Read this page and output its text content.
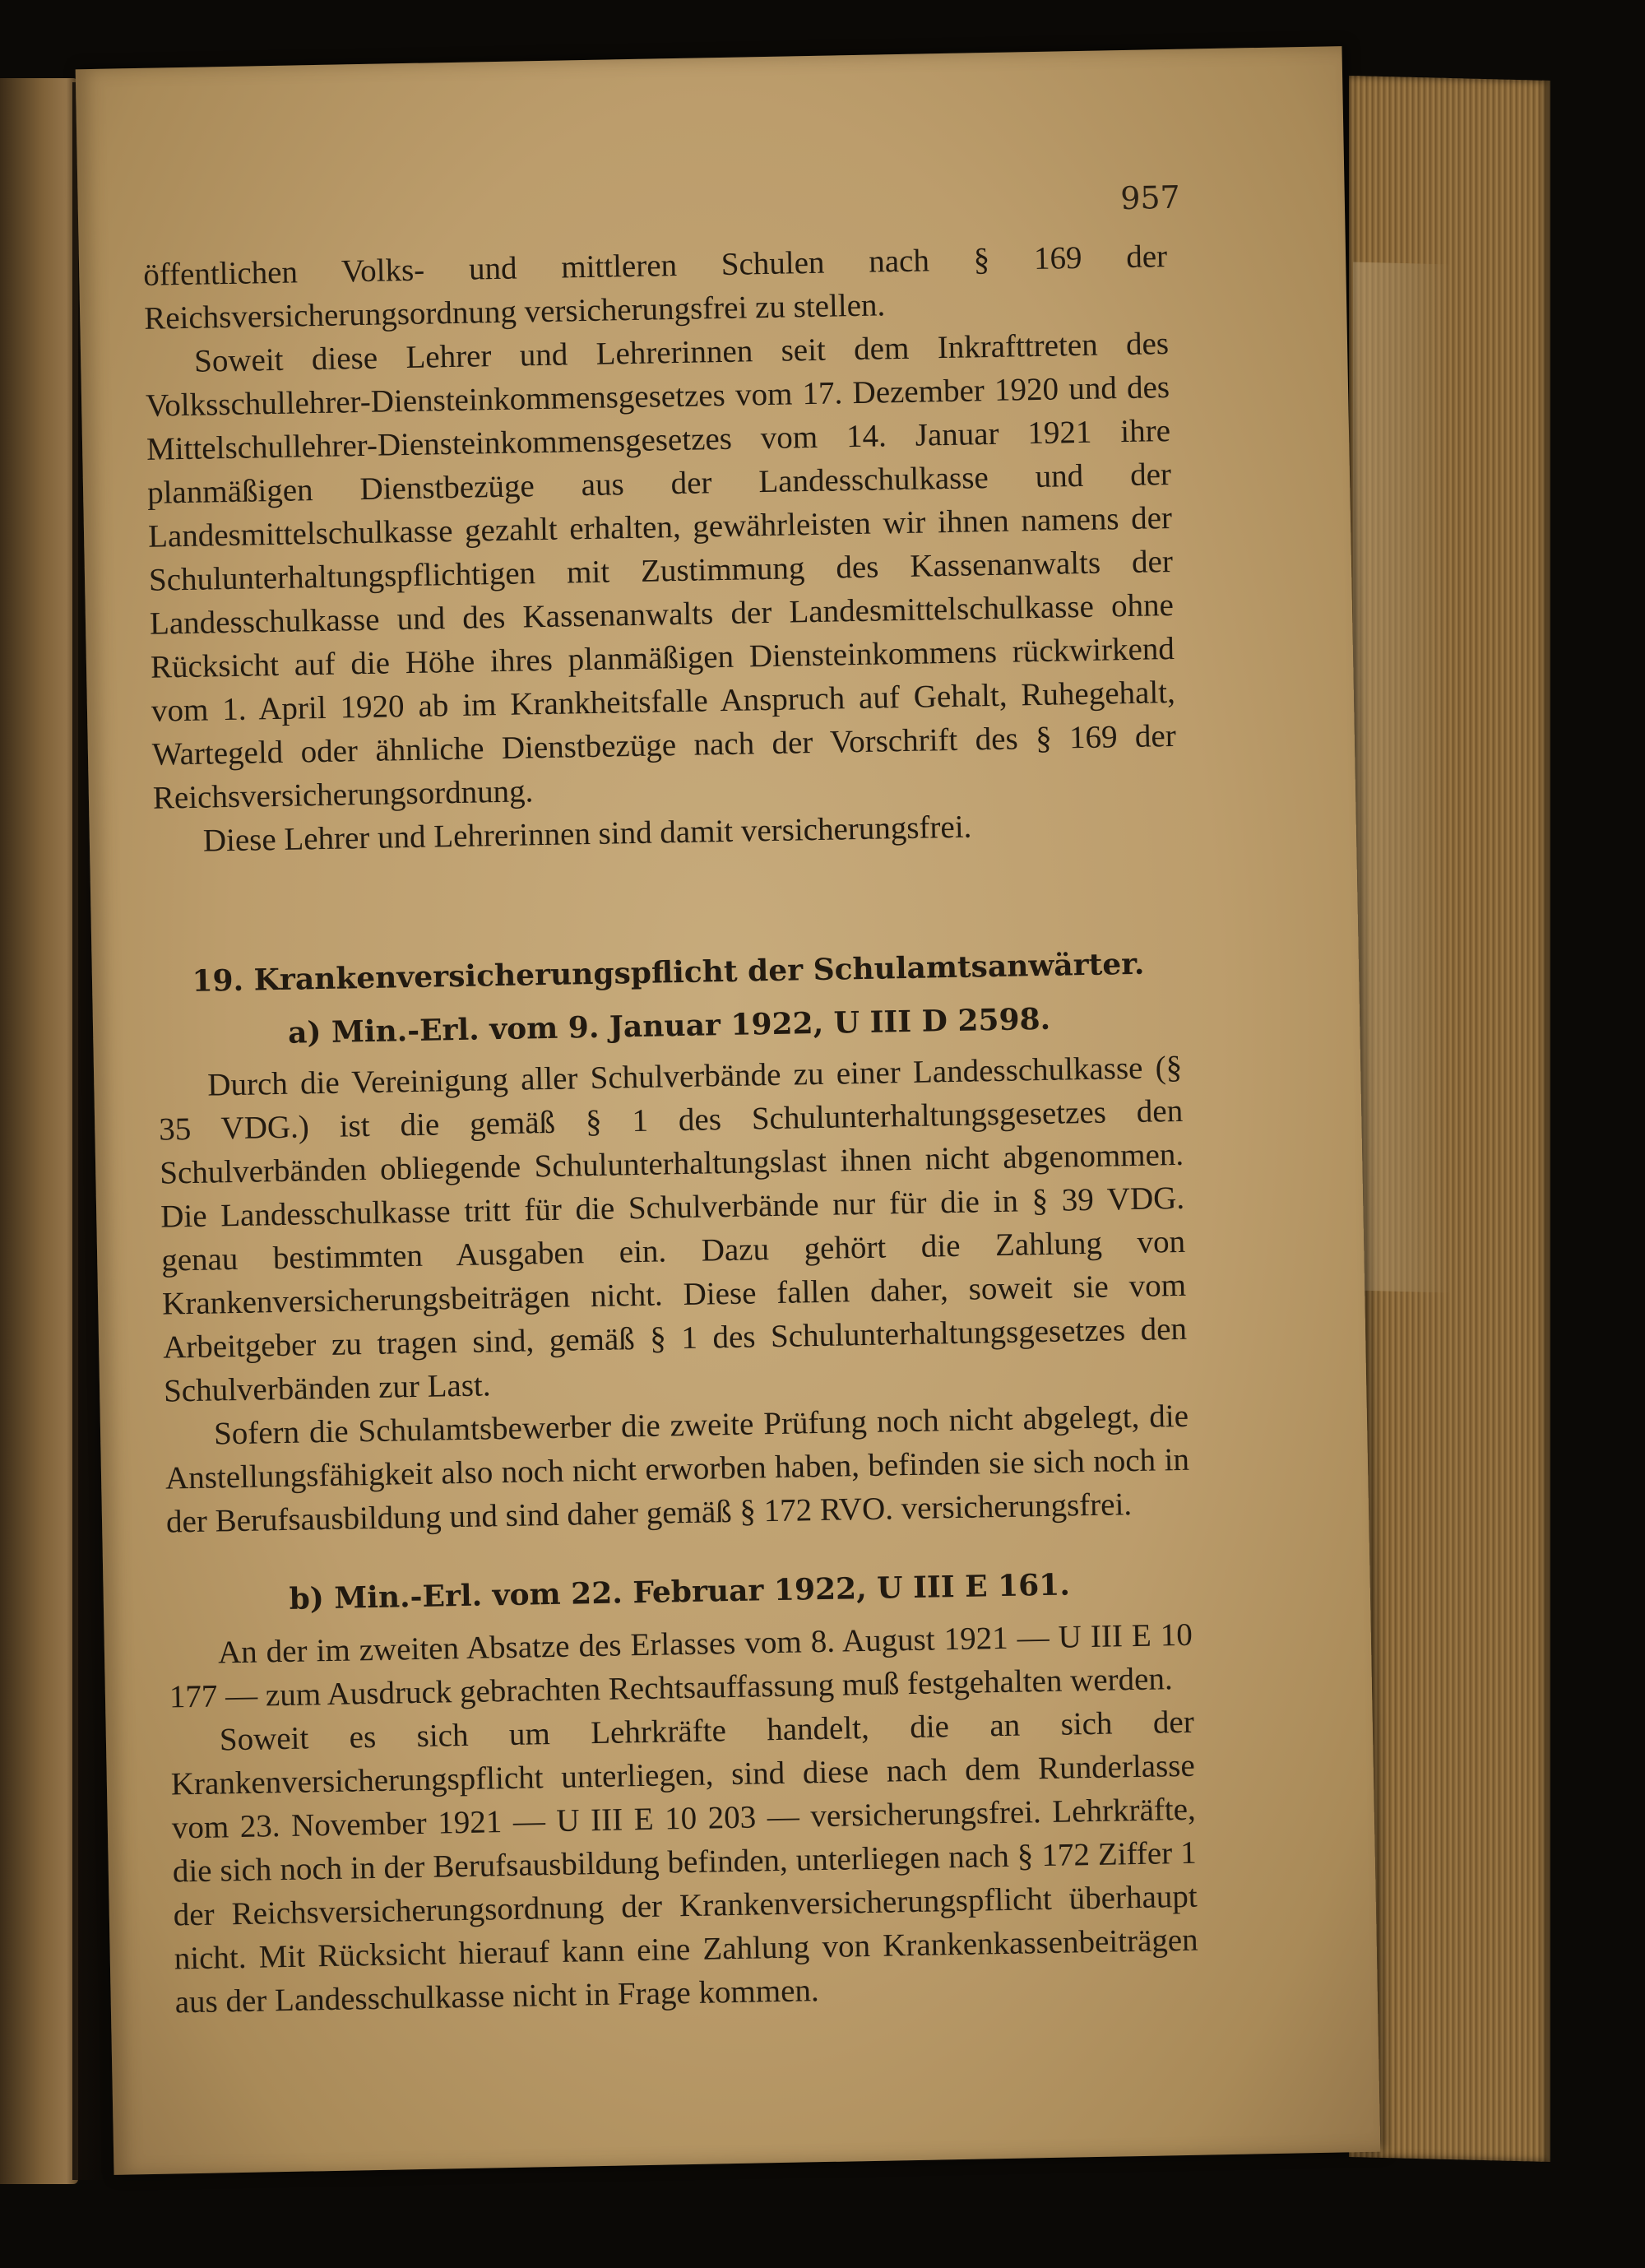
957

öffentlichen Volks- und mittleren Schulen nach § 169 der Reichsversicherungsordnung versicherungsfrei zu stellen.

Soweit diese Lehrer und Lehrerinnen seit dem Inkrafttreten des Volksschullehrer-Diensteinkommensgesetzes vom 17. Dezember 1920 und des Mittelschullehrer-Diensteinkommensgesetzes vom 14. Januar 1921 ihre planmäßigen Dienstbezüge aus der Landesschulkasse und der Landesmittelschulkasse gezahlt erhalten, gewährleisten wir ihnen namens der Schulunterhaltungspflichtigen mit Zustimmung des Kassenanwalts der Landesschulkasse und des Kassenanwalts der Landesmittelschulkasse ohne Rücksicht auf die Höhe ihres planmäßigen Diensteinkommens rückwirkend vom 1. April 1920 ab im Krankheitsfalle Anspruch auf Gehalt, Ruhegehalt, Wartegeld oder ähnliche Dienstbezüge nach der Vorschrift des § 169 der Reichsversicherungsordnung.

Diese Lehrer und Lehrerinnen sind damit versicherungsfrei.

19. Krankenversicherungspflicht der Schulamtsanwärter.
a) Min.-Erl. vom 9. Januar 1922, U III D 2598.

Durch die Vereinigung aller Schulverbände zu einer Landesschulkasse (§ 35 VDG.) ist die gemäß § 1 des Schulunterhaltungsgesetzes den Schulverbänden obliegende Schulunterhaltungslast ihnen nicht abgenommen. Die Landesschulkasse tritt für die Schulverbände nur für die in § 39 VDG. genau bestimmten Ausgaben ein. Dazu gehört die Zahlung von Krankenversicherungsbeiträgen nicht. Diese fallen daher, soweit sie vom Arbeitgeber zu tragen sind, gemäß § 1 des Schulunterhaltungsgesetzes den Schulverbänden zur Last.

Sofern die Schulamtsbewerber die zweite Prüfung noch nicht abgelegt, die Anstellungsfähigkeit also noch nicht erworben haben, befinden sie sich noch in der Berufsausbildung und sind daher gemäß § 172 RVO. versicherungsfrei.

b) Min.-Erl. vom 22. Februar 1922, U III E 161.

An der im zweiten Absatze des Erlasses vom 8. August 1921 — U III E 10 177 — zum Ausdruck gebrachten Rechtsauffassung muß festgehalten werden.

Soweit es sich um Lehrkräfte handelt, die an sich der Krankenversicherungspflicht unterliegen, sind diese nach dem Runderlasse vom 23. November 1921 — U III E 10 203 — versicherungsfrei. Lehrkräfte, die sich noch in der Berufsausbildung befinden, unterliegen nach § 172 Ziffer 1 der Reichsversicherungsordnung der Krankenversicherungspflicht überhaupt nicht. Mit Rücksicht hierauf kann eine Zahlung von Krankenkassenbeiträgen aus der Landesschulkasse nicht in Frage kommen.
